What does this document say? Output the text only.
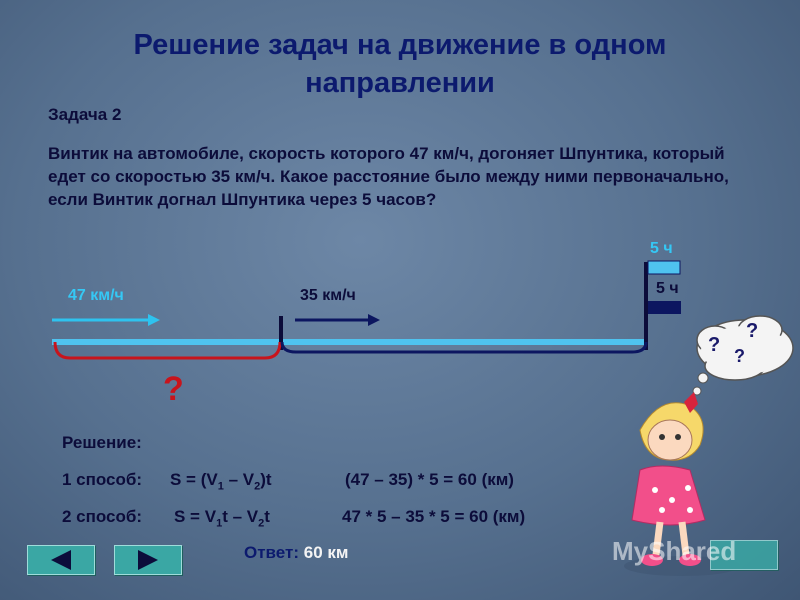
Решение задач на движение в одном направлении
Задача 2
Винтик на автомобиле, скорость которого 47 км/ч, догоняет Шпунтика, который едет со скоростью 35 км/ч. Какое расстояние было между ними первоначально, если Винтик догнал Шпунтика через 5 часов?
47 км/ч	35 км/ч
5 ч
5 ч
?
?
?
?
Решение:
1 способ: $S = (V_1 - V_2)t$	(47 – 35) * 5 = 60 (км)
2 способ: $S = V_1t - V_2t$	47 * 5 – 35 * 5 = 60 (км)
Ответ: 60 км	MyShared
